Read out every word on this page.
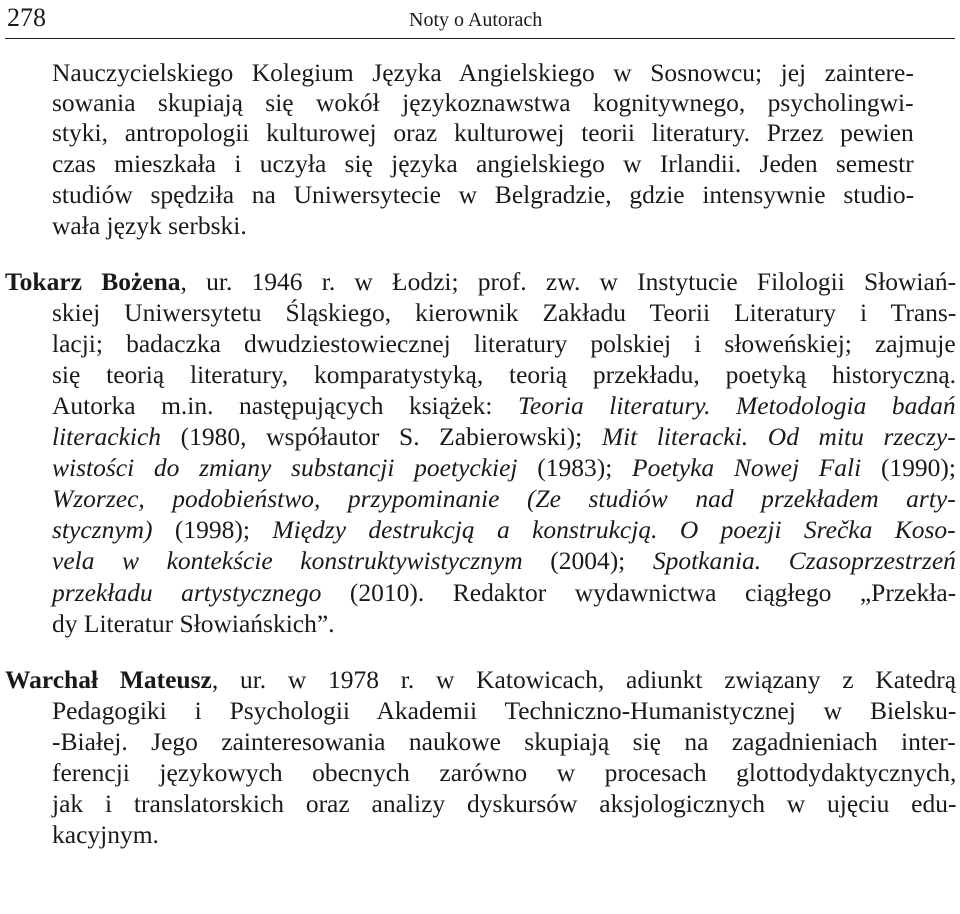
278	Noty o Autorach
Nauczycielskiego Kolegium Języka Angielskiego w Sosnowcu; jej zaintere-
sowania skupiają się wokół językoznawstwa kognitywnego, psycholingwi-
styki, antropologii kulturowej oraz kulturowej teorii literatury. Przez pewien
czas mieszkała i uczyła się języka angielskiego w Irlandii. Jeden semestr
studiów spędziła na Uniwersytecie w Belgradzie, gdzie intensywnie studio-
wała język serbski.
Tokarz Bożena, ur. 1946 r. w Łodzi; prof. zw. w Instytucie Filologii Słowiań-
skiej Uniwersytetu Śląskiego, kierownik Zakładu Teorii Literatury i Trans-
lacji; badaczka dwudziestowiecznej literatury polskiej i słoweńskiej; zajmuje
się teorią literatury, komparatystyką, teorią przekładu, poetyką historyczną.
Autorka m.in. następujących książek: Teoria literatury. Metodologia badań
literackich (1980, współautor S. Zabierowski); Mit literacki. Od mitu rzeczy-
wistości do zmiany substancji poetyckiej (1983); Poetyka Nowej Fali (1990);
Wzorzec, podobieństwo, przypominanie (Ze studiów nad przekładem arty-
stycznym) (1998); Między destrukcją a konstrukcją. O poezji Srečka Koso-
vela w kontekście konstruktywistycznym (2004); Spotkania. Czasoprzestrzeń
przekładu artystycznego (2010). Redaktor wydawnictwa ciągłego „Przekła-
dy Literatur Słowiańskich”.
Warchał Mateusz, ur. w 1978 r. w Katowicach, adiunkt związany z Katedrą
Pedagogiki i Psychologii Akademii Techniczno-Humanistycznej w Bielsku-
-Białej. Jego zainteresowania naukowe skupiają się na zagadnieniach inter-
ferencji językowych obecnych zarówno w procesach glottodydaktycznych,
jak i translatorskich oraz analizy dyskursów aksjologicznych w ujęciu edu-
kacyjnym.
